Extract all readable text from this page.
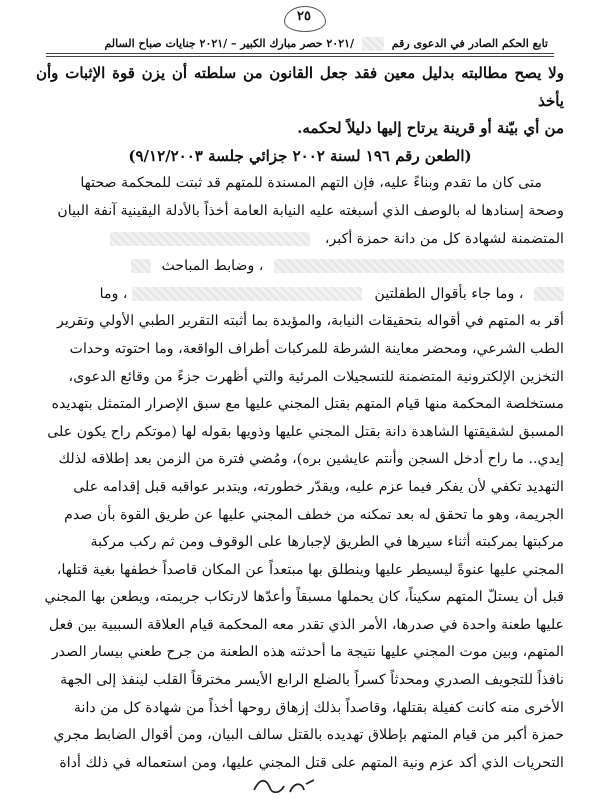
٢٥
تابع الحكم الصادر في الدعوى رقم  /٢٠٢١ حصر مبارك الكبير – /٢٠٢١ جنايات صباح السالم

ولا يصح مطالبته بدليل معين فقد جعل القانون من سلطته أن يزن قوة الإثبات وأن يأخذ

من أي بيّنة أو قرينة يرتاح إليها دليلاً لحكمه.

(الطعن رقم ١٩٦ لسنة ٢٠٠٢ جزائي جلسة ٩/١٢/٢٠٠٣)

متى كان ما تقدم وبناءً عليه، فإن التهم المسندة للمتهم قد ثبتت للمحكمة صحتها

وصحة إسنادها له بالوصف الذي أسبغته عليه النيابة العامة أخذاً بالأدلة اليقينية آنفة البيان

المتضمنة لشهادة كل من دانة حمزة أكبر،

، وضابط المباحث

، وما جاء بأقوال الطفلتين  ، وما

أقر به المتهم في أقواله بتحقيقات النيابة، والمؤيدة بما أثبته التقرير الطبي الأولي وتقرير

الطب الشرعي، ومحضر معاينة الشرطة للمركبات أطراف الواقعة، وما احتوته وحدات

التخزين الإلكترونية المتضمنة للتسجيلات المرئية والتي أظهرت جزءً من وقائع الدعوى،

مستخلصة المحكمة منها قيام المتهم بقتل المجني عليها مع سبق الإصرار المتمثل بتهديده

المسبق لشقيقتها الشاهدة دانة بقتل المجني عليها وذويها بقوله لها (موتكم راح يكون على

إيدي.. ما راح أدخل السجن وأنتم عايشين بره)، ومُضي فترة من الزمن بعد إطلاقه لذلك

التهديد تكفي لأن يفكر فيما عزم عليه، ويقدّر خطورته، ويتدبر عواقبه قبل إقدامه على

الجريمة، وهو ما تحقق له بعد تمكنه من خطف المجني عليها عن طريق القوة بأن صدم

مركبتها بمركبته أثناء سيرها في الطريق لإجبارها على الوقوف ومن ثم ركب مركبة

المجني عليها عنوةً ليسيطر عليها وينطلق بها مبتعداً عن المكان قاصداً خطفها بغية قتلها،

قبل أن يستلّ المتهم سكيناً، كان يحملها مسبقاً وأعدّها لارتكاب جريمته، ويطعن بها المجني

عليها طعنة واحدة في صدرها، الأمر الذي تقدر معه المحكمة قيام العلاقة السببية بين فعل

المتهم، وبين موت المجني عليها نتيجة ما أحدثته هذه الطعنة من جرح طعني بيسار الصدر

نافذاً للتجويف الصدري ومحدثاً كسراً بالضلع الرابع الأيسر مخترقاً القلب لينفذ إلى الجهة

الأخرى منه كانت كفيلة بقتلها، وقاصداً بذلك إزهاق روحها أخذاً من شهادة كل من دانة

حمزة أكبر من قيام المتهم بإطلاق تهديده بالقتل سالف البيان، ومن أقوال الضابط مجري

التحريات الذي أكد عزم ونية المتهم على قتل المجني عليها، ومن استعماله في ذلك أداة
